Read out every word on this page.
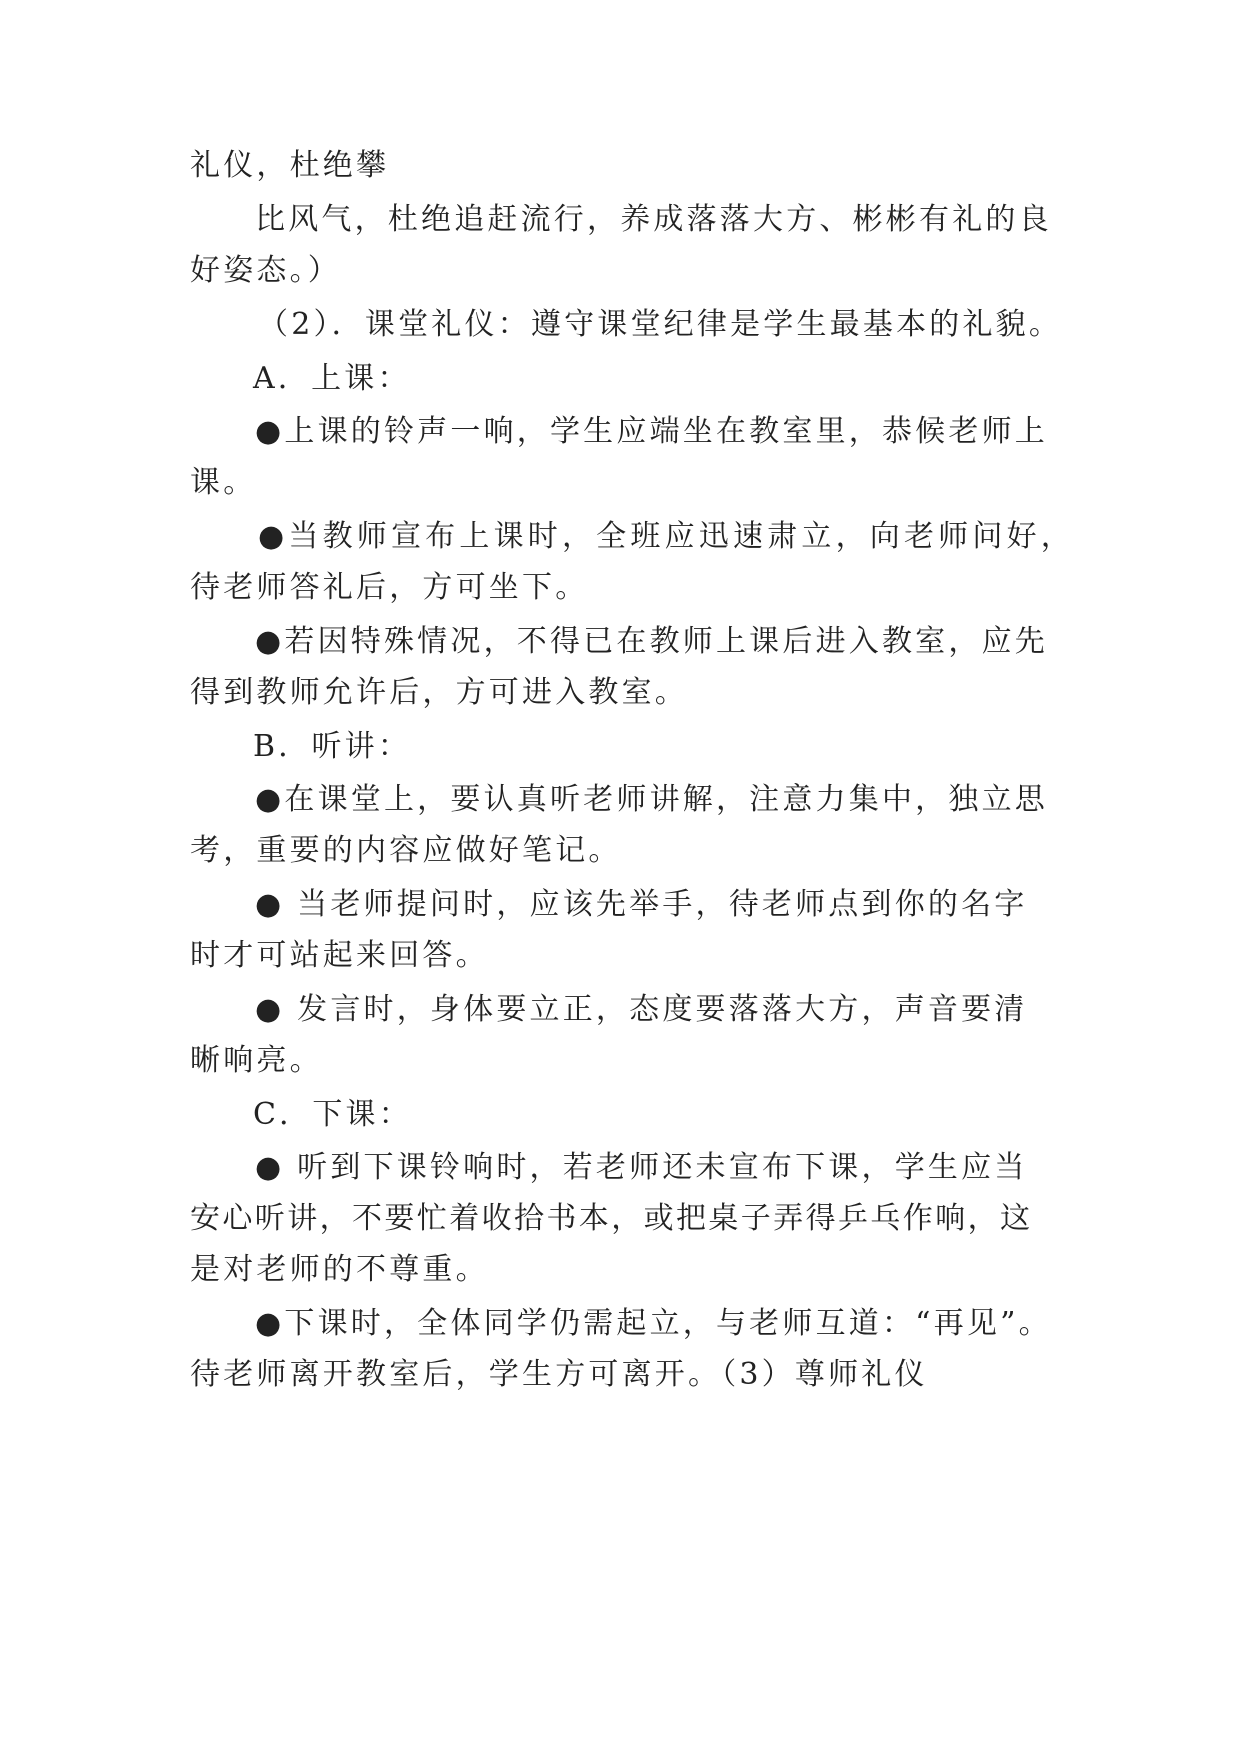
礼仪，杜绝攀
比风气，杜绝追赶流行，养成落落大方、彬彬有礼的良
好姿态。）
（2）．课堂礼仪：遵守课堂纪律是学生最基本的礼貌。
A．上课：
●上课的铃声一响，学生应端坐在教室里，恭候老师上
课。
●当教师宣布上课时，全班应迅速肃立，向老师问好，
待老师答礼后，方可坐下。
●若因特殊情况，不得已在教师上课后进入教室，应先
得到教师允许后，方可进入教室。
B．听讲：
●在课堂上，要认真听老师讲解，注意力集中，独立思
考，重要的内容应做好笔记。
● 当老师提问时，应该先举手，待老师点到你的名字
时才可站起来回答。
● 发言时，身体要立正，态度要落落大方，声音要清
晰响亮。
C．下课：
● 听到下课铃响时，若老师还未宣布下课，学生应当
安心听讲，不要忙着收拾书本，或把桌子弄得乒乓作响，这
是对老师的不尊重。
●下课时，全体同学仍需起立，与老师互道：“再见”。
待老师离开教室后，学生方可离开。（3）尊师礼仪
